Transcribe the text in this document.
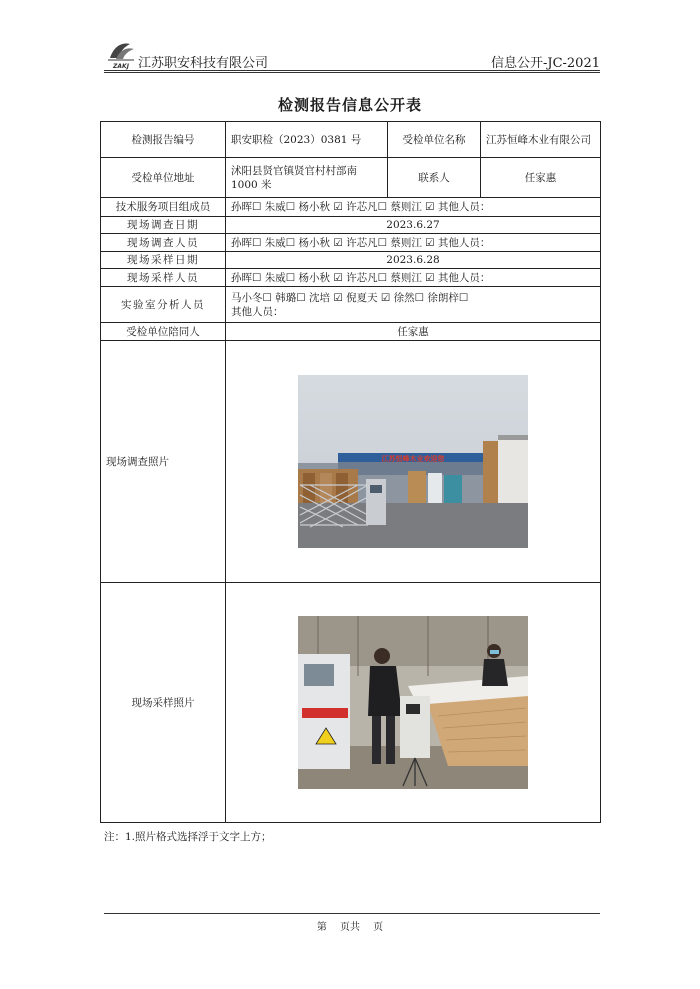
ZAKJ 江苏职安科技有限公司	信息公开-JC-2021
检测报告信息公开表
检测报告编号	职安职检（2023）0381 号	受检单位名称	江苏恒峰木业有限公司
受检单位地址	沭阳县贤官镇贤官村村部南 1000 米	联系人	任家惠
技术服务项目组成员	孙晖☐ 朱威☐ 杨小秋 ☑ 许芯凡☐ 蔡则江 ☑ 其他人员：		
现场调查日期	2023.6.27		
现场调查人员	孙晖☐ 朱威☐ 杨小秋 ☑ 许芯凡☐ 蔡则江 ☑ 其他人员：		
现场采样日期	2023.6.28		
现场采样人员	孙晖☐ 朱威☐ 杨小秋 ☑ 许芯凡☐ 蔡则江 ☑ 其他人员：		
实验室分析人员	马小冬☐ 韩璐☐ 沈培 ☑ 倪夏天 ☑ 徐然☐ 徐朗梓☐
其他人员：		

受检单位陪同人	任家惠		
现场调查照片	江苏恒峰木业欢迎您		

现场采样照片	
注：1.照片格式选择浮于文字上方；
第 页共 页
